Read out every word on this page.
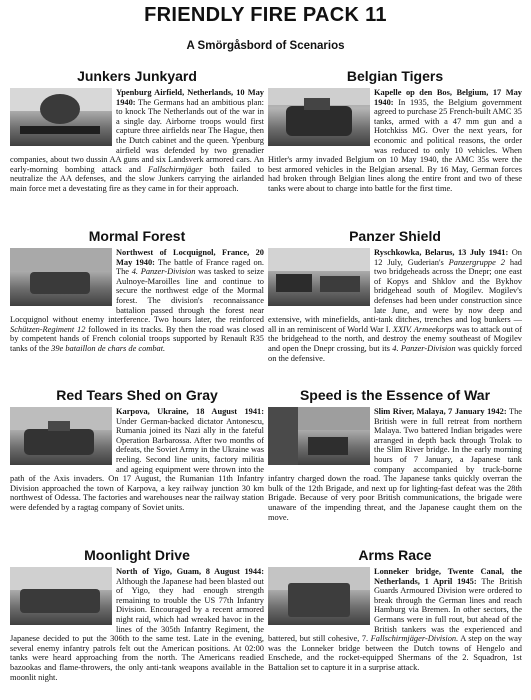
FRIENDLY FIRE PACK 11
A Smörgåsbord of Scenarios
Junkers Junkyard
Ypenburg Airfield, Netherlands, 10 May 1940: The Germans had an ambitious plan: to knock The Netherlands out of the war in a single day. Airborne troops would first capture three airfields near The Hague, then the Dutch cabinet and the queen. Ypenburg airfield was defended by two grenadier companies, about two dussin AA guns and six Landsverk armored cars. An early-morning bombing attack and Fallschirmjäger both failed to neutralize the AA defenses, and the slow Junkers carrying the airlanded main force met a devestating fire as they came in for their approach.
Belgian Tigers
Kapelle op den Bos, Belgium, 17 May 1940: In 1935, the Belgium government agreed to purchase 25 French-built AMC 35 tanks, armed with a 47 mm gun and a Hotchkiss MG. Over the next years, for economic and political reasons, the order was reduced to only 10 vehicles. When Hitler's army invaded Belgium on 10 May 1940, the AMC 35s were the best armored vehicles in the Belgian arsenal. By 16 May, German forces had broken through Belgian lines along the entire front and two of these tanks were about to charge into battle for the first time.
Mormal Forest
Northwest of Locquignol, France, 20 May 1940: The battle of France raged on. The 4. Panzer-Division was tasked to seize Aulnoye-Maroilles line and continue to secure the northwest edge of the Mormal forest. The division's reconnaissance battalion passed through the forest near Locquignol without enemy interference. Two hours later, the reinforced Schützen-Regiment 12 followed in its tracks. By then the road was closed by competent hands of French colonial troops supported by Renault R35 tanks of the 39e bataillon de chars de combat.
Panzer Shield
Ryschkowka, Belarus, 13 July 1941: On 12 July, Guderian's Panzergruppe 2 had two bridgeheads across the Dnepr; one east of Kopys and Shklov and the Bykhov bridgehead south of Mogilev. Mogilev's defenses had been under construction since late June, and were by now deep and extensive, with minefields, anti-tank ditches, trenches and log bunkers — all in an reminiscent of World War I. XXIV. Armeekorps was to attack out of the bridgehead to the north, and destroy the enemy southeast of Mogilev and open the Dnepr crossing, but its 4. Panzer-Division was quickly forced on the defensive.
Red Tears Shed on Gray
Karpova, Ukraine, 18 August 1941: Under German-backed dictator Antonescu, Rumania joined its Nazi ally in the fateful Operation Barbarossa. After two months of defeats, the Soviet Army in the Ukraine was reeling. Second line units, factory militia and ageing equipment were thrown into the path of the Axis invaders. On 17 August, the Rumanian 11th Infantry Division approached the town of Karpova, a key railway junction 30 km northwest of Odessa. The factories and warehouses near the railway station were defended by a ragtag company of Soviet units.
Speed is the Essence of War
Slim River, Malaya, 7 January 1942: The British were in full retreat from northern Malaya. Two battered Indian brigades were arranged in depth back through Trolak to the Slim River bridge. In the early morning hours of 7 January, a Japanese tank company accompanied by truck-borne infantry charged down the road. The Japanese tanks quickly overran the bulk of the 12th Brigade, and next up for lighting-fast defeat was the 28th Brigade. Because of very poor British communications, the brigade were unaware of the impending threat, and the Japanese caught them on the move.
Moonlight Drive
North of Yigo, Guam, 8 August 1944: Although the Japanese had been blasted out of Yigo, they had enough strength remaining to trouble the US 77th Infantry Division. Encouraged by a recent armored night raid, which had wreaked havoc in the lines of the 305th Infantry Regiment, the Japanese decided to put the 306th to the same test. Late in the evening, several enemy infantry patrols felt out the American positions. At 02:00 tanks were heard approaching from the north. The Americans readied bazookas and flame-throwers, the only anti-tank weapons available in the moonlit night.
Arms Race
Lonneker bridge, Twente Canal, the Netherlands, 1 April 1945: The British Guards Armoured Division were ordered to break through the German lines and reach Hamburg via Bremen. In other sectors, the Germans were in full rout, but ahead of the British tankers was the experienced and battered, but still cohesive, 7. Fallschirmjäger-Division. A step on the way was the Lonneker bridge between the Dutch towns of Hengelo and Enschede, and the rocket-equipped Shermans of the 2. Squadron, 1st Battalion set to capture it in a surprise attack.
